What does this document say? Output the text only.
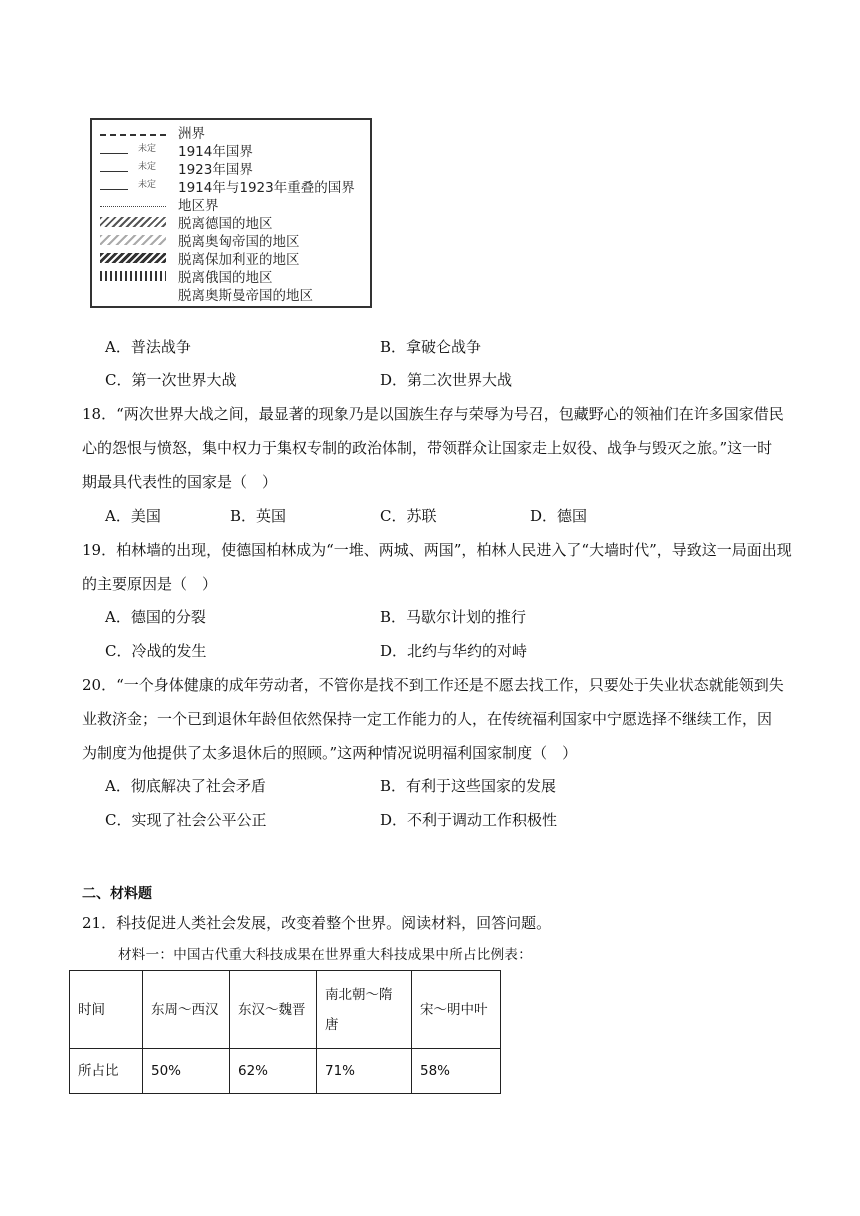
洲界
未定 1914年国界
未定 1923年国界
未定 1914年与1923年重叠的国界
地区界
脱离德国的地区
脱离奥匈帝国的地区
脱离保加利亚的地区
脱离俄国的地区
脱离奥斯曼帝国的地区
A．普法战争	B．拿破仑战争
C．第一次世界大战	D．第二次世界大战
18．“两次世界大战之间，最显著的现象乃是以国族生存与荣辱为号召，包藏野心的领袖们在许多国家借民
心的怨恨与愤怒，集中权力于集权专制的政治体制，带领群众让国家走上奴役、战争与毁灭之旅。”这一时
期最具代表性的国家是（　）
A．美国	B．英国	C．苏联	D．德国
19．柏林墙的出现，使德国柏林成为“一堆、两城、两国”，柏林人民进入了“大墙时代”，导致这一局面出现
的主要原因是（　）
A．德国的分裂	B．马歇尔计划的推行
C．冷战的发生	D．北约与华约的对峙
20．“一个身体健康的成年劳动者，不管你是找不到工作还是不愿去找工作，只要处于失业状态就能领到失
业救济金；一个已到退休年龄但依然保持一定工作能力的人，在传统福利国家中宁愿选择不继续工作，因
为制度为他提供了太多退休后的照顾。”这两种情况说明福利国家制度（　）
A．彻底解决了社会矛盾	B．有利于这些国家的发展
C．实现了社会公平公正	D．不利于调动工作积极性
二、材料题
21．科技促进人类社会发展，改变着整个世界。阅读材料，回答问题。
材料一：中国古代重大科技成果在世界重大科技成果中所占比例表：
时间	东周～西汉	东汉～魏晋	南北朝～隋唐	宋～明中叶
所占比	50%	62%	71%	58%
